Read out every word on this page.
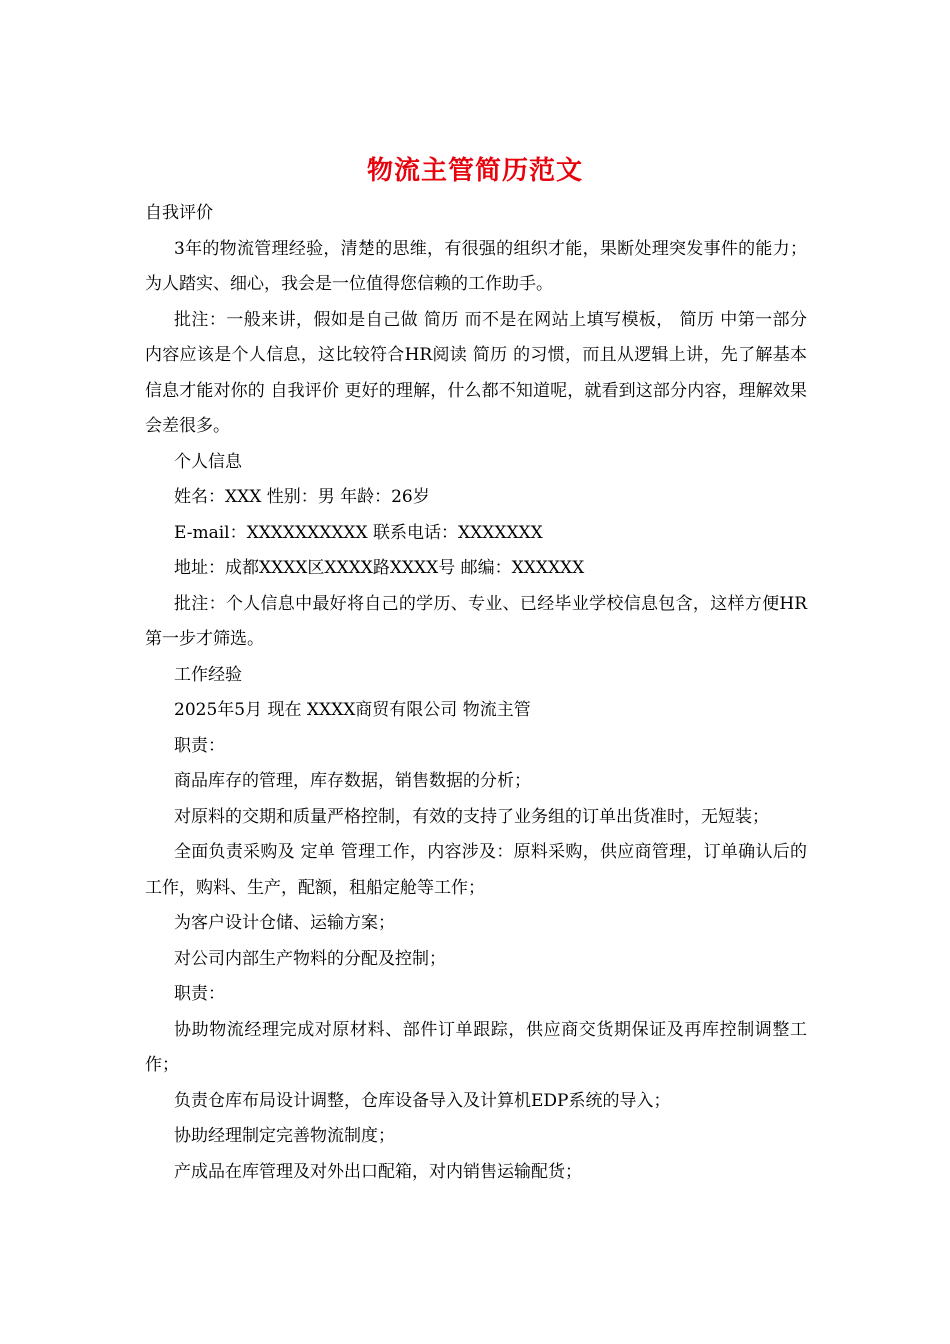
物流主管简历范文

自我评价

3年的物流管理经验，清楚的思维，有很强的组织才能，果断处理突发事件的能力；为人踏实、细心，我会是一位值得您信赖的工作助手。

批注：一般来讲，假如是自己做 简历 而不是在网站上填写模板， 简历 中第一部分内容应该是个人信息，这比较符合HR阅读 简历 的习惯，而且从逻辑上讲，先了解基本信息才能对你的 自我评价 更好的理解，什么都不知道呢，就看到这部分内容，理解效果会差很多。

个人信息

姓名：XXX 性别：男 年龄：26岁

E-mail：XXXXXXXXXX 联系电话：XXXXXXX

地址：成都XXXX区XXXX路XXXX号 邮编：XXXXXX

批注：个人信息中最好将自己的学历、专业、已经毕业学校信息包含，这样方便HR第一步才筛选。

工作经验

2025年5月 现在 XXXX商贸有限公司 物流主管

职责：

商品库存的管理，库存数据，销售数据的分析；

对原料的交期和质量严格控制，有效的支持了业务组的订单出货准时，无短装；

全面负责采购及 定单 管理工作，内容涉及：原料采购，供应商管理，订单确认后的工作，购料、生产，配额，租船定舱等工作；

为客户设计仓储、运输方案；

对公司内部生产物料的分配及控制；

职责：

协助物流经理完成对原材料、部件订单跟踪，供应商交货期保证及再库控制调整工作；

负责仓库布局设计调整，仓库设备导入及计算机EDP系统的导入；

协助经理制定完善物流制度；

产成品在库管理及对外出口配箱，对内销售运输配货；
